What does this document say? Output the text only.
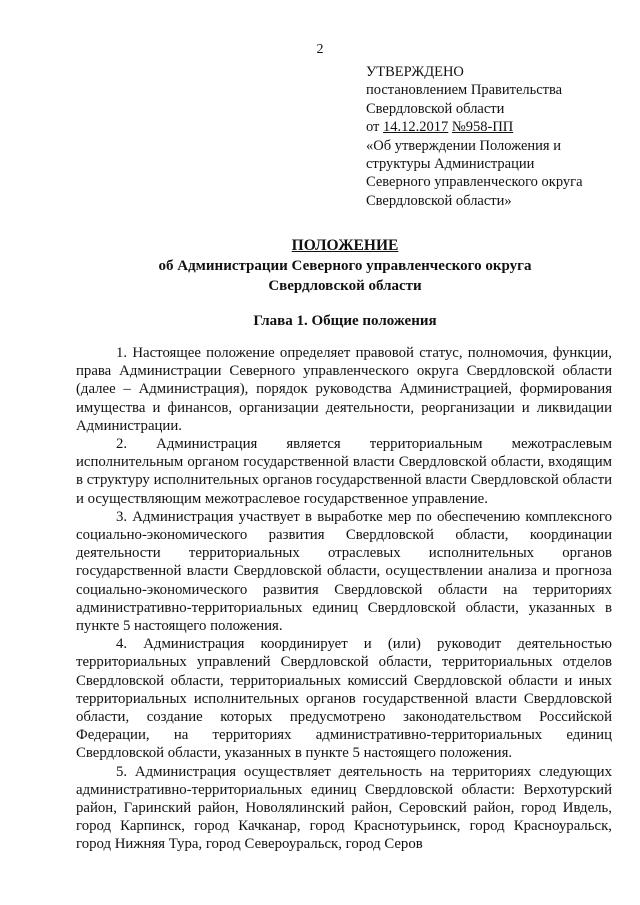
2
УТВЕРЖДЕНО
постановлением Правительства
Свердловской области
от 14.12.2017 №958-ПП
«Об утверждении Положения и
структуры Администрации
Северного управленческого округа
Свердловской области»
ПОЛОЖЕНИЕ
об Администрации Северного управленческого округа
Свердловской области
Глава 1. Общие положения

1. Настоящее положение определяет правовой статус, полномочия, функции, права Администрации Северного управленческого округа Свердловской области (далее – Администрация), порядок руководства Администрацией, формирования имущества и финансов, организации деятельности, реорганизации и ликвидации Администрации.

2. Администрация является территориальным межотраслевым исполнительным органом государственной власти Свердловской области, входящим в структуру исполнительных органов государственной власти Свердловской области и осуществляющим межотраслевое государственное управление.

3. Администрация участвует в выработке мер по обеспечению комплексного социально-экономического развития Свердловской области, координации деятельности территориальных отраслевых исполнительных органов государственной власти Свердловской области, осуществлении анализа и прогноза социально-экономического развития Свердловской области на территориях административно-территориальных единиц Свердловской области, указанных в пункте 5 настоящего положения.

4. Администрация координирует и (или) руководит деятельностью территориальных управлений Свердловской области, территориальных отделов Свердловской области, территориальных комиссий Свердловской области и иных территориальных исполнительных органов государственной власти Свердловской области, создание которых предусмотрено законодательством Российской Федерации, на территориях административно-территориальных единиц Свердловской области, указанных в пункте 5 настоящего положения.

5. Администрация осуществляет деятельность на территориях следующих административно-территориальных единиц Свердловской области: Верхотурский район, Гаринский район, Новолялинский район, Серовский район, город Ивдель, город Карпинск, город Качканар, город Краснотурьинск, город Красноуральск, город Нижняя Тура, город Североуральск, город Серов
